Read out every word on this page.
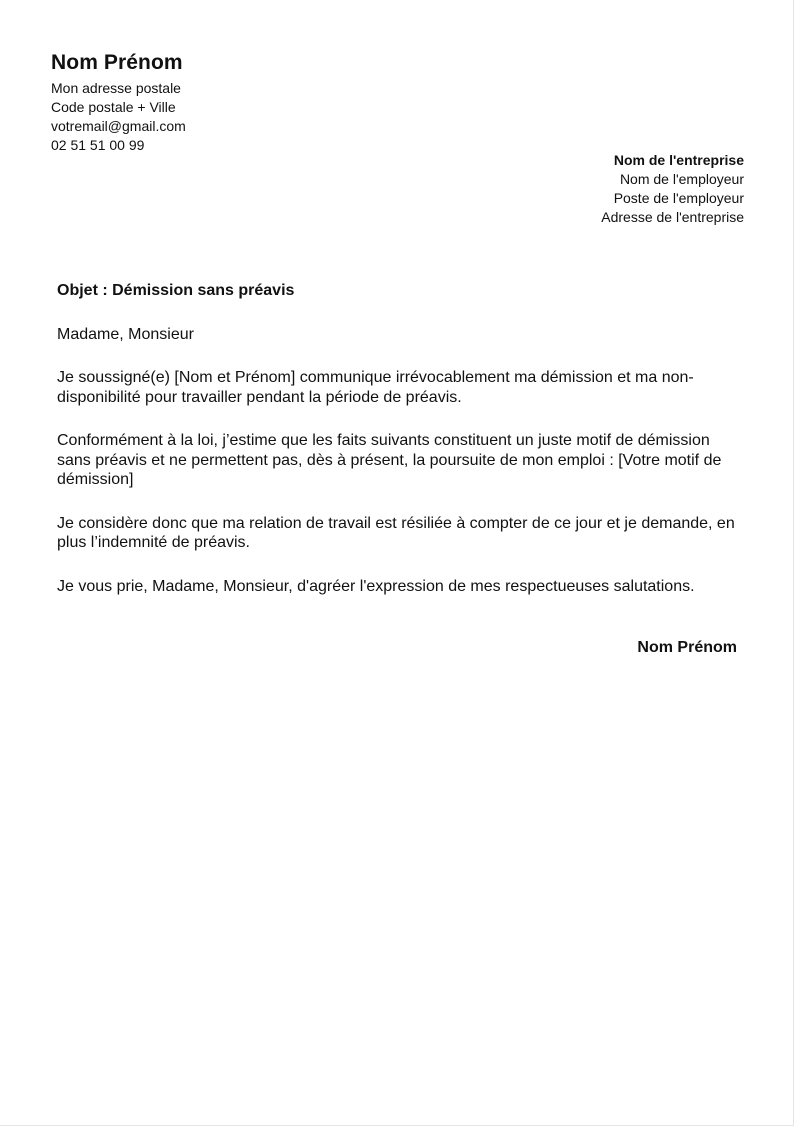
Nom Prénom
Mon adresse postale
Code postale + Ville
votremail@gmail.com
02 51 51 00 99
Nom de l'entreprise
Nom de l'employeur
Poste de l'employeur
Adresse de l'entreprise

Objet : Démission sans préavis

Madame, Monsieur

Je soussigné(e) [Nom et Prénom] communique irrévocablement ma démission et ma non-disponibilité pour travailler pendant la période de préavis.

Conformément à la loi, j’estime que les faits suivants constituent un juste motif de démission sans préavis et ne permettent pas, dès à présent, la poursuite de mon emploi : [Votre motif de démission]

Je considère donc que ma relation de travail est résiliée à compter de ce jour et je demande, en plus l’indemnité de préavis.

Je vous prie, Madame, Monsieur, d'agréer l'expression de mes respectueuses salutations.

Nom Prénom
